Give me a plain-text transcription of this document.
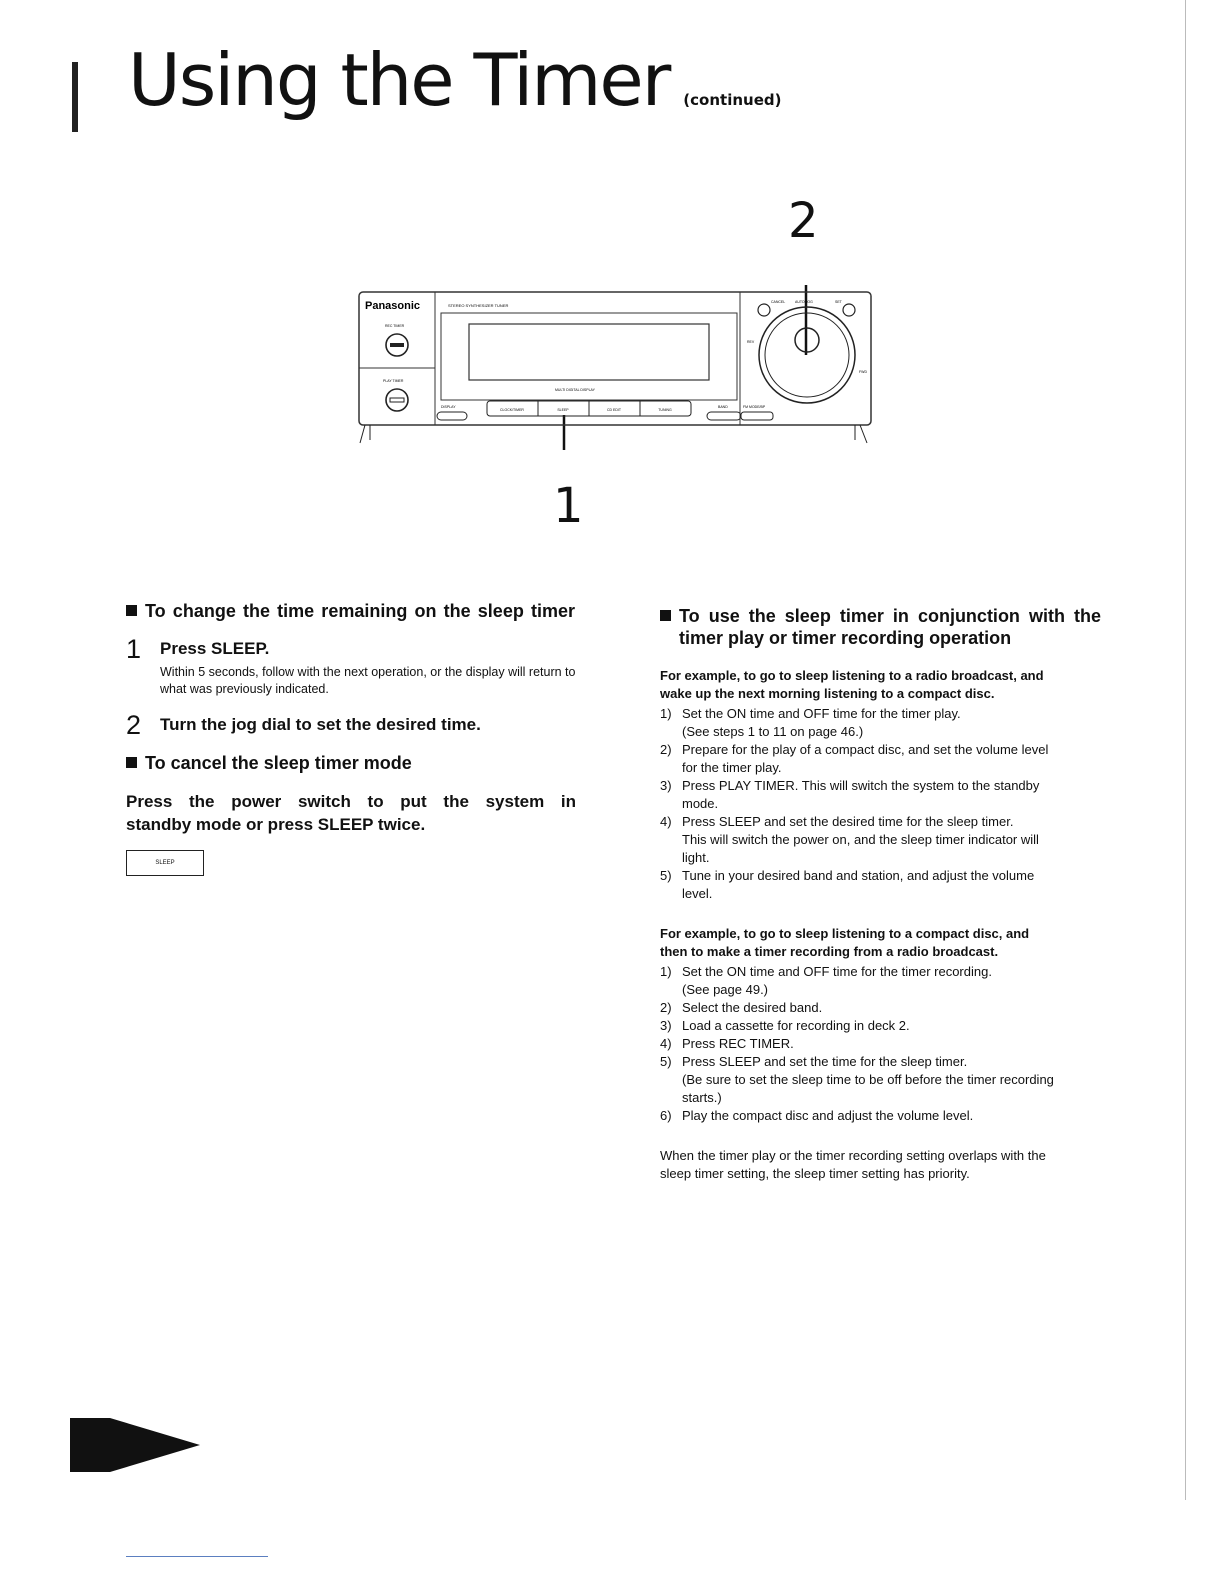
Using the Timer (continued)
2
1
Panasonic
REC TIMER
PLAY TIMER
STEREO SYNTHESIZER TUNER
MULTI DIGITAL DISPLAY
DISPLAY
CLOCK/TIMER	SLEEP	CD EDIT	TUNING
BAND	FM MODE/BP
CANCEL	AUTO JOG	SET
REV
FWD
To change the time remaining on the sleep timer
1	Press SLEEP.
Within 5 seconds, follow with the next operation, or the display will return to what was previously indicated.
2	Turn the jog dial to set the desired time.
To cancel the sleep timer mode
Press the power switch to put the system in
standby mode or press SLEEP twice.
SLEEP
To use the sleep timer in conjunction with the
timer play or timer recording operation
For example, to go to sleep listening to a radio broadcast, and
wake up the next morning listening to a compact disc.
1) Set the ON time and OFF time for the timer play.
(See steps 1 to 11 on page 46.)
2) Prepare for the play of a compact disc, and set the volume level
for the timer play.
3) Press PLAY TIMER. This will switch the system to the standby
mode.
4) Press SLEEP and set the desired time for the sleep timer.
This will switch the power on, and the sleep timer indicator will
light.
5) Tune in your desired band and station, and adjust the volume
level.
For example, to go to sleep listening to a compact disc, and
then to make a timer recording from a radio broadcast.
1) Set the ON time and OFF time for the timer recording.
(See page 49.)
2) Select the desired band.
3) Load a cassette for recording in deck 2.
4) Press REC TIMER.
5) Press SLEEP and set the time for the sleep timer.
(Be sure to set the sleep time to be off before the timer recording
starts.)
6) Play the compact disc and adjust the volume level.
When the timer play or the timer recording setting overlaps with the
sleep timer setting, the sleep timer setting has priority.
